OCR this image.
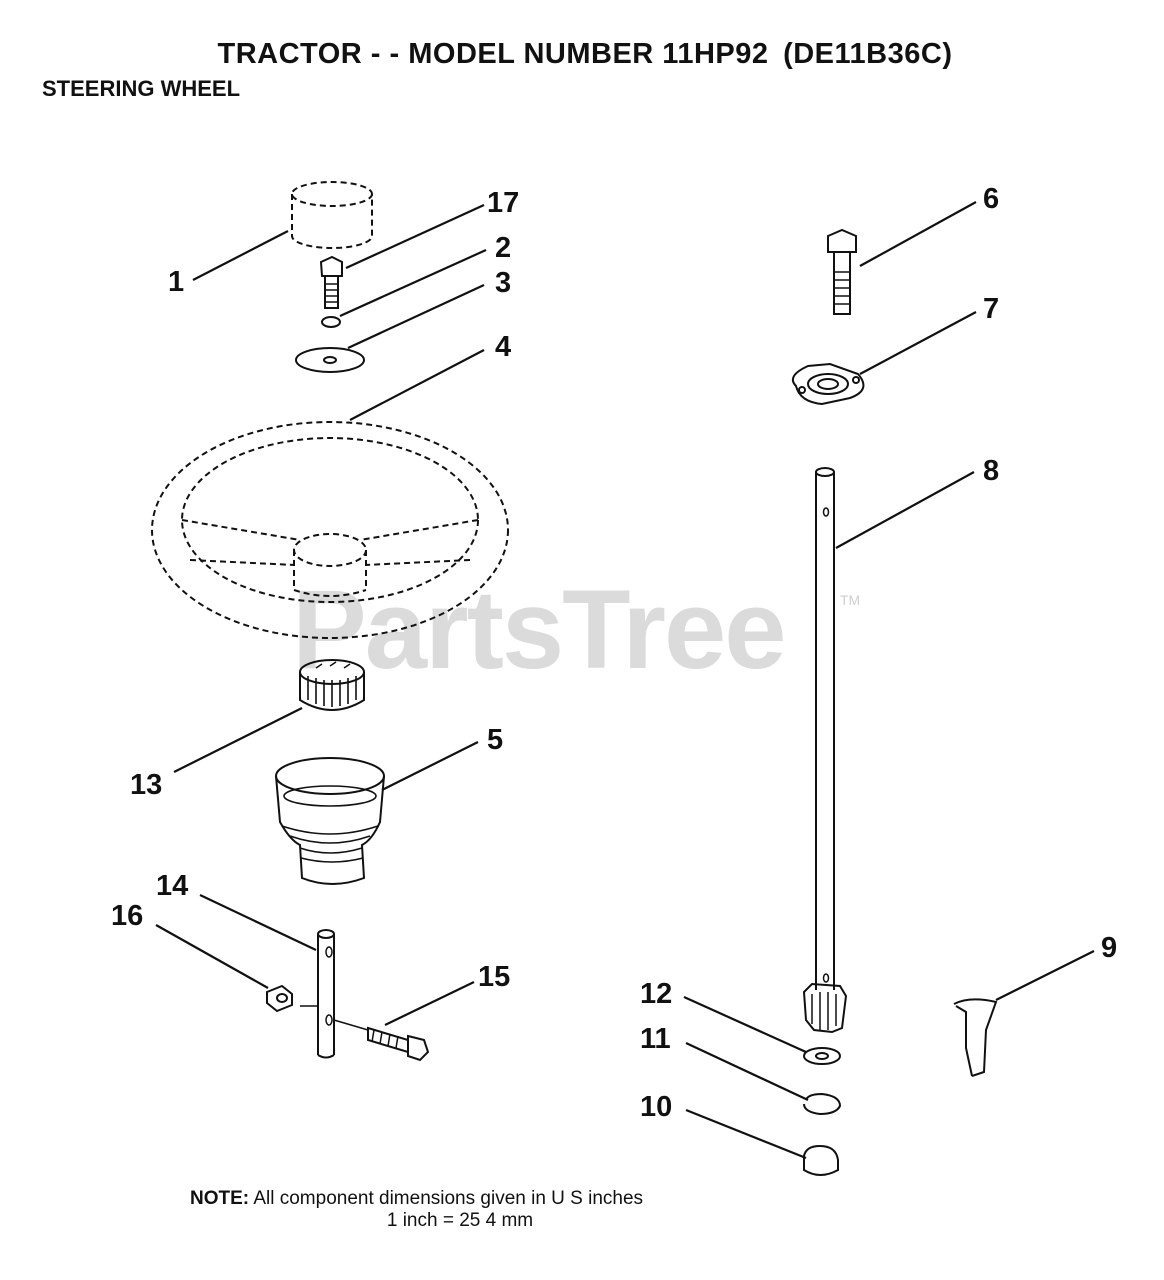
TRACTOR - - MODEL NUMBER 11HP92 (DE11B36C)
STEERING WHEEL
PartsTree	TM
1
17
2
3
4
6
7
8
9
12
11
10
13
5
14
16
15
NOTE: All component dimensions given in U S inches
1 inch = 25 4 mm
